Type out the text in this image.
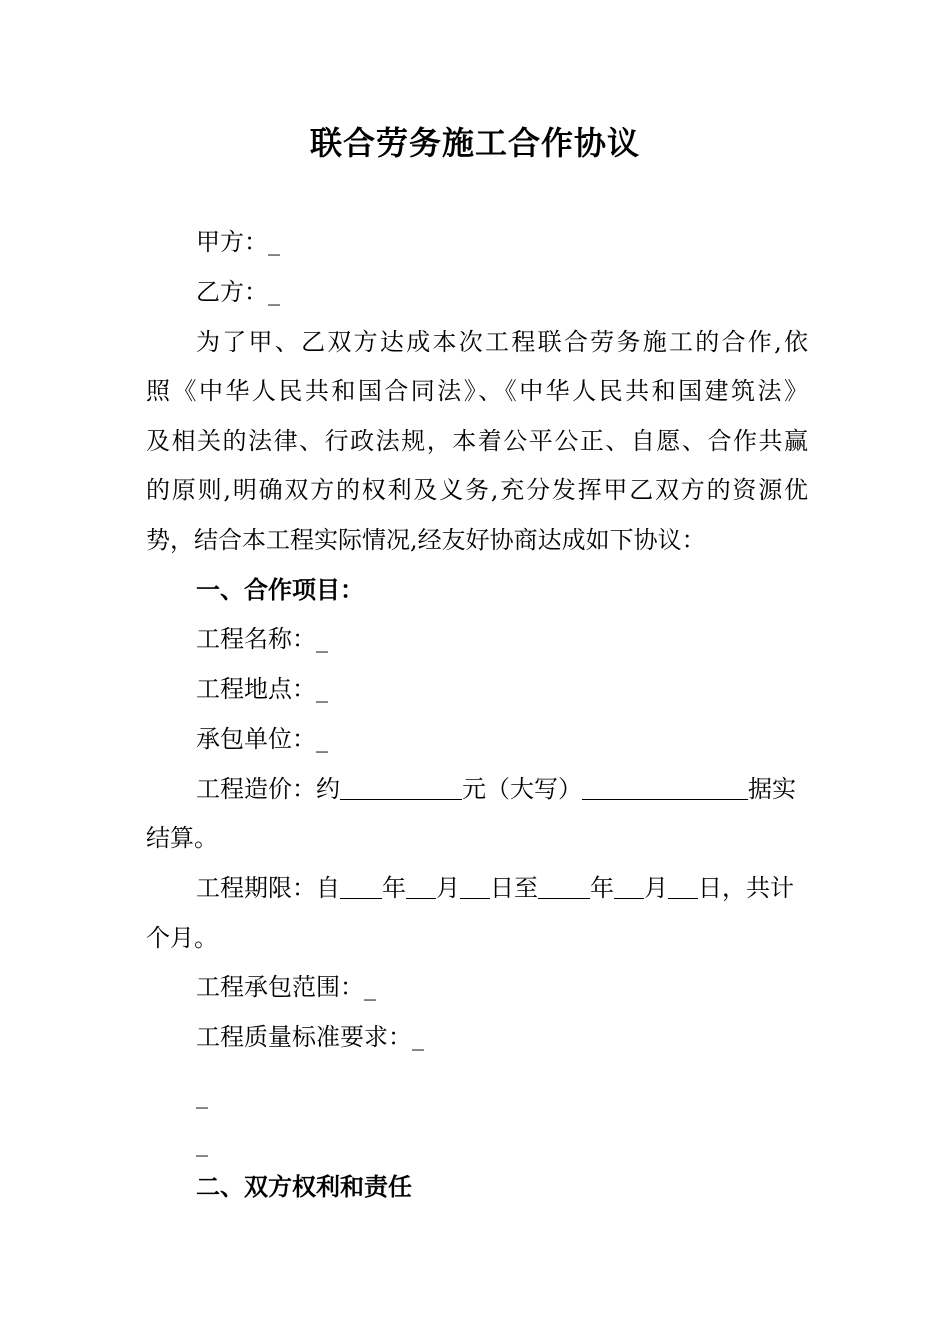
联合劳务施工合作协议
甲方：_
乙方：_
为了甲、乙双方达成本次工程联合劳务施工的合作,依
照《中华人民共和国合同法》、《中华人民共和国建筑法》
及相关的法律、行政法规，本着公平公正、自愿、合作共赢
的原则,明确双方的权利及义务,充分发挥甲乙双方的资源优
势，结合本工程实际情况,经友好协商达成如下协议：
一、合作项目：
工程名称：_
工程地点：_
承包单位：_
工程造价：约	元（大写）	据实
结算。
工程期限：自 年 月 日至 年 月 日，共计
个月。
工程承包范围：_
工程质量标准要求：_
_
_
二、双方权利和责任
